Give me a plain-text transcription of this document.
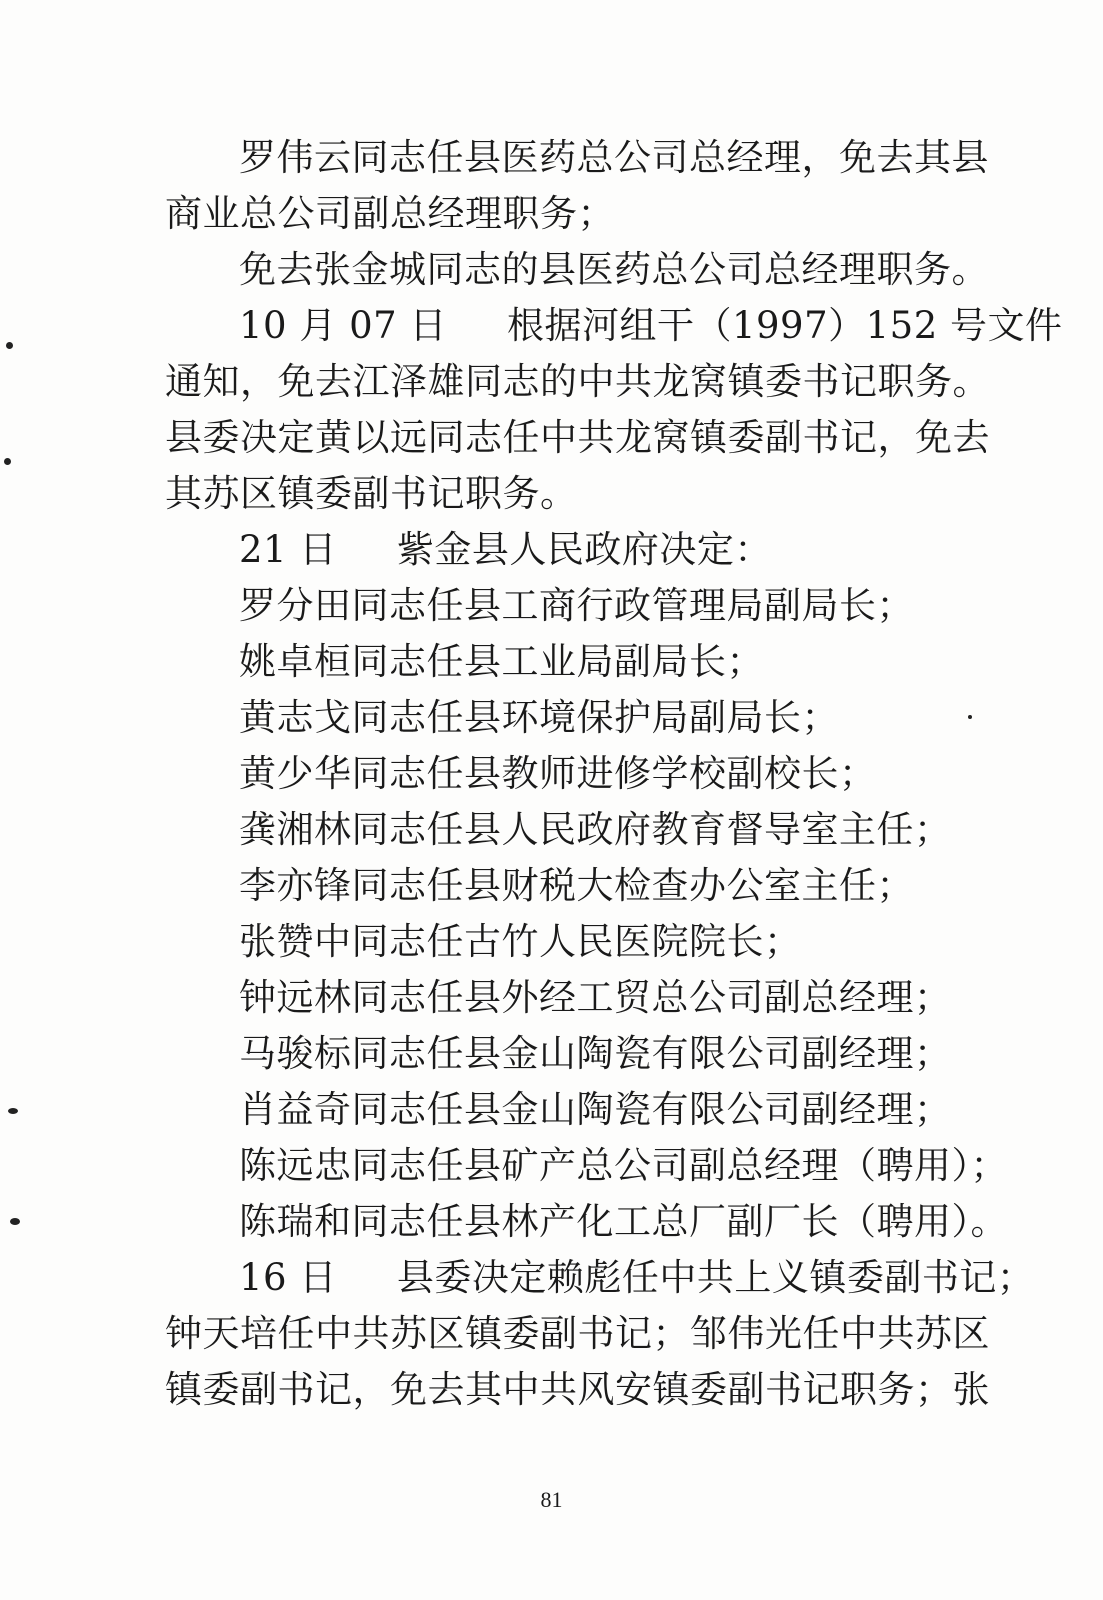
罗伟云同志任县医药总公司总经理，免去其县
商业总公司副总经理职务；
免去张金城同志的县医药总公司总经理职务。
10 月 07 日 根据河组干（1997）152 号文件
通知，免去江泽雄同志的中共龙窝镇委书记职务。
县委决定黄以远同志任中共龙窝镇委副书记，免去
其苏区镇委副书记职务。
21 日 紫金县人民政府决定：
罗分田同志任县工商行政管理局副局长；
姚卓桓同志任县工业局副局长；
黄志戈同志任县环境保护局副局长；
黄少华同志任县教师进修学校副校长；
龚湘林同志任县人民政府教育督导室主任；
李亦锋同志任县财税大检查办公室主任；
张赞中同志任古竹人民医院院长；
钟远林同志任县外经工贸总公司副总经理；
马骏标同志任县金山陶瓷有限公司副经理；
肖益奇同志任县金山陶瓷有限公司副经理；
陈远忠同志任县矿产总公司副总经理（聘用）；
陈瑞和同志任县林产化工总厂副厂长（聘用）。
16 日 县委决定赖彪任中共上义镇委副书记；
钟天培任中共苏区镇委副书记；邹伟光任中共苏区
镇委副书记，免去其中共风安镇委副书记职务；张
81
